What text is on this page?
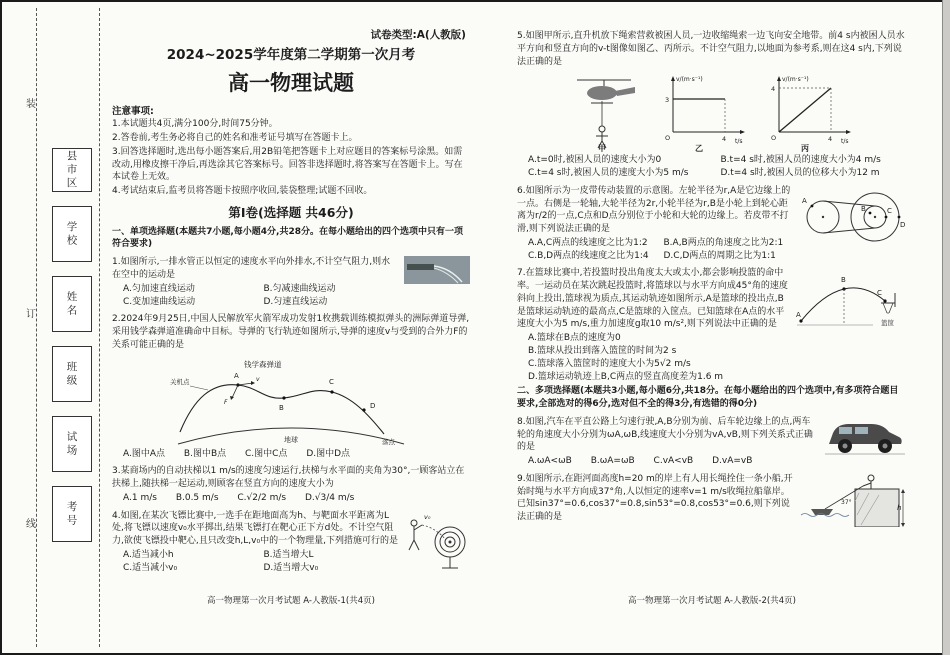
装
订
线
县市区
学校
姓名
班级
试场
考号
试卷类型:A(人教版)
2024~2025学年度第二学期第一次月考
高一物理试题
注意事项:

1.本试题共4页,满分100分,时间75分钟。

2.答卷前,考生务必将自己的姓名和准考证号填写在答题卡上。

3.回答选择题时,选出每小题答案后,用2B铅笔把答题卡上对应题目的答案标号涂黑。如需改动,用橡皮擦干净后,再选涂其它答案标号。回答非选择题时,将答案写在答题卡上。写在本试卷上无效。

4.考试结束后,监考员将答题卡按照序收回,装袋整理;试题不回收。

第Ⅰ卷(选择题 共46分)
一、单项选择题(本题共7小题,每小题4分,共28分。在每小题给出的四个选项中只有一项符合要求)
1.如图所示,一排水管正以恒定的速度水平向外排水,不计空气阻力,则水在空中的运动是
A.匀加速直线运动	B.匀减速曲线运动
C.变加速曲线运动	D.匀速直线运动
2.2024年9月25日,中国人民解放军火箭军成功发射1枚携载训练模拟弹头的洲际弹道导弹,采用钱学森弹道准确命中目标。导弹的飞行轨迹如图所示,导弹的速度v与受到的合外力F的关系可能正确的是
钱学森弹道
A
B
C
D
v
F
关机点
落点
地球
A.图中A点 B.图中B点 C.图中C点 D.图中D点
3.某商场内的自动扶梯以1 m/s的速度匀速运行,扶梯与水平面的夹角为30°,一顾客站立在扶梯上,随扶梯一起运动,则顾客在竖直方向的速度大小为
A.1 m/s B.0.5 m/s C.√2/2 m/s D.√3/4 m/s
v₀
4.如图,在某次飞镖比赛中,一选手在距地面高为h、与靶面水平距离为L处,将飞镖以速度v₀水平掷出,结果飞镖打在靶心正下方d处。不计空气阻力,欲使飞镖投中靶心,且只改变h,L,v₀中的一个物理量,下列措施可行的是
A.适当减小h	B.适当增大L
C.适当减小v₀	D.适当增大v₀
5.如图甲所示,直升机放下绳索营救被困人员,一边收缩绳索一边飞向安全地带。前4 s内被困人员水平方向和竖直方向的v-t图像如图乙、丙所示。不计空气阻力,以地面为参考系,则在这4 s内,下列说法正确的是
甲
v/(m·s⁻¹)
t/s
O
3
4
乙
v/(m·s⁻¹)
t/s
O
4
4
丙
A.t=0时,被困人员的速度大小为0	B.t=4 s时,被困人员的速度大小为4 m/s
C.t=4 s时,被困人员的速度大小为5 m/s	D.t=4 s时,被困人员的位移大小为12 m
A
B	C
D
6.如图所示为一皮带传动装置的示意图。左轮半径为r,A是它边缘上的一点。右侧是一轮轴,大轮半径为2r,小轮半径为r,B是小轮上到轮心距离为r/2的一点,C点和D点分别位于小轮和大轮的边缘上。若皮带不打滑,则下列说法正确的是
A.A,C两点的线速度之比为1:2	B.A,B两点的角速度之比为2:1
C.B,D两点的线速度之比为1:4	D.C,D两点的周期之比为1:1
A
B
C
篮筐
7.在篮球比赛中,若投篮时投出角度太大或太小,都会影响投篮的命中率。一运动员在某次跳起投篮时,将篮球以与水平方向成45°角的速度斜向上投出,篮球视为质点,其运动轨迹如图所示,A是篮球的投出点,B是篮球运动轨迹的最高点,C是篮球的入筐点。已知篮球在A点的水平速度大小为5 m/s,重力加速度g取10 m/s²,则下列说法中正确的是
A.篮球在B点的速度为0
B.篮球从投出到落入篮筐的时间为2 s
C.篮球落入篮筐时的速度大小为5√2 m/s
D.篮球运动轨迹上B,C两点的竖直高度差为1.6 m
二、多项选择题(本题共3小题,每小题6分,共18分。在每小题给出的四个选项中,有多项符合题目要求,全部选对的得6分,选对但不全的得3分,有选错的得0分)
8.如图,汽车在平直公路上匀速行驶,A,B分别为前、后车轮边缘上的点,两车轮的角速度大小分别为ωA,ωB,线速度大小分别为vA,vB,则下列关系式正确的是
A.ωA<ωB B.ωA=ωB C.vA<vB D.vA=vB
37°
h
9.如图所示,在距河面高度h=20 m的岸上有人用长绳拴住一条小船,开始时绳与水平方向成37°角,人以恒定的速率v=1 m/s收绳拉船靠岸。已知sin37°=0.6,cos37°=0.8,sin53°=0.8,cos53°=0.6,则下列说法正确的是
高一物理第一次月考试题 A-人教版-1(共4页)	高一物理第一次月考试题 A-人教版-2(共4页)
